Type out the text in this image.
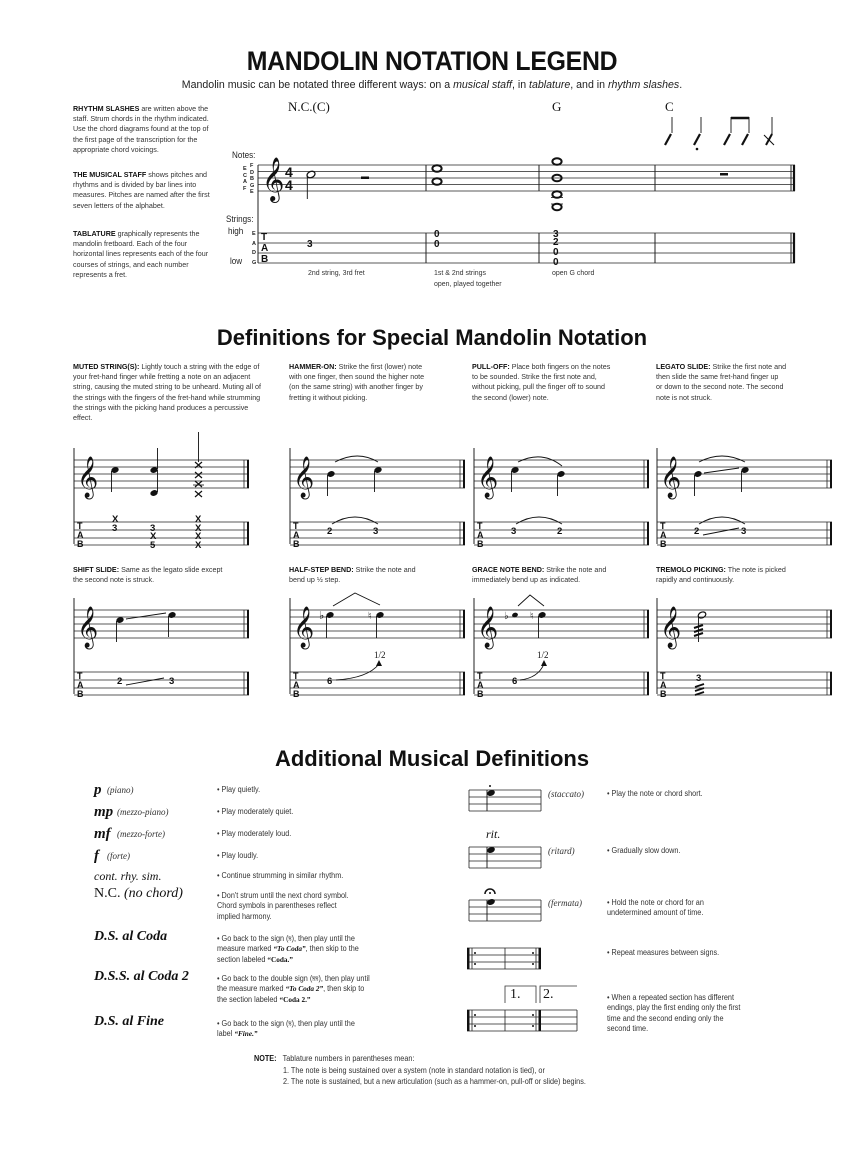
MANDOLIN NOTATION LEGEND
Mandolin music can be notated three different ways: on a musical staff, in tablature, and in rhythm slashes.
RHYTHM SLASHES are written above the staff. Strum chords in the rhythm indicated. Use the chord diagrams found at the top of the first page of the transcription for the appropriate chord voicings.
THE MUSICAL STAFF shows pitches and rhythms and is divided by bar lines into measures. Pitches are named after the first seven letters of the alphabet.
TABLATURE graphically represents the mandolin fretboard. Each of the four horizontal lines represents each of the four courses of strings, and each number represents a fret.
N.C.(C)	G	C
Notes:
Strings:
high
low
E
C
A
F
F
D
B
G
E
E
A
D
G
𝄞 4
4
T
A
B
3
0
0
3
2
0
0
2nd string, 3rd fret	1st & 2nd strings
open, played together
open G chord
Definitions for Special Mandolin Notation
MUTED STRING(S): Lightly touch a string with the edge of your fret-hand finger while fretting a note on an adjacent string, causing the muted string to be unheard. Muting all of the strings with the fingers of the fret-hand while strumming the strings with the picking hand produces a percussive effect.
HAMMER-ON: Strike the first (lower) note with one finger, then sound the higher note (on the same string) with another finger by fretting it without picking.
PULL-OFF: Place both fingers on the notes to be sounded. Strike the first note and, without picking, pull the finger off to sound the second (lower) note.
LEGATO SLIDE: Strike the first note and then slide the same fret-hand finger up or down to the second note. The second note is not struck.
SHIFT SLIDE: Same as the legato slide except the second note is struck.
HALF-STEP BEND: Strike the note and bend up ½ step.
GRACE NOTE BEND: Strike the note and immediately bend up as indicated.
TREMOLO PICKING: The note is picked rapidly and continuously.
𝄞
T
A
B
X
3	3
X
5
X
X
X
X
2	3	3	2	2	3
2	3
♭	♮
1/2
6
♭ ♮
1/2
6	3
Additional Musical Definitions
p (piano)	• Play quietly.
mp (mezzo-piano)	• Play moderately quiet.
mf (mezzo-forte)	• Play moderately loud.
f (forte)	• Play loudly.
cont. rhy. sim.	• Continue strumming in similar rhythm.
N.C. (no chord)	• Don't strum until the next chord symbol. Chord symbols in parentheses reflect implied harmony.
D.S. al Coda	• Go back to the sign (𝄋), then play until the measure marked “To Coda”, then skip to the section labeled “Coda.”
D.S.S. al Coda 2	• Go back to the double sign (𝄋𝄋), then play until the measure marked “To Coda 2”, then skip to the section labeled “Coda 2.”
D.S. al Fine	• Go back to the sign (𝄋), then play until the label “Fine.”
1. 2.
rit.
(staccato)
(ritard)
(fermata)
• Play the note or chord short.
• Gradually slow down.
• Hold the note or chord for an undetermined amount of time.
• Repeat measures between signs.
• When a repeated section has different endings, play the first ending only the first time and the second ending only the second time.
NOTE: Tablature numbers in parentheses mean:
1. The note is being sustained over a system (note in standard notation is tied), or
2. The note is sustained, but a new articulation (such as a hammer-on, pull-off or slide) begins.
